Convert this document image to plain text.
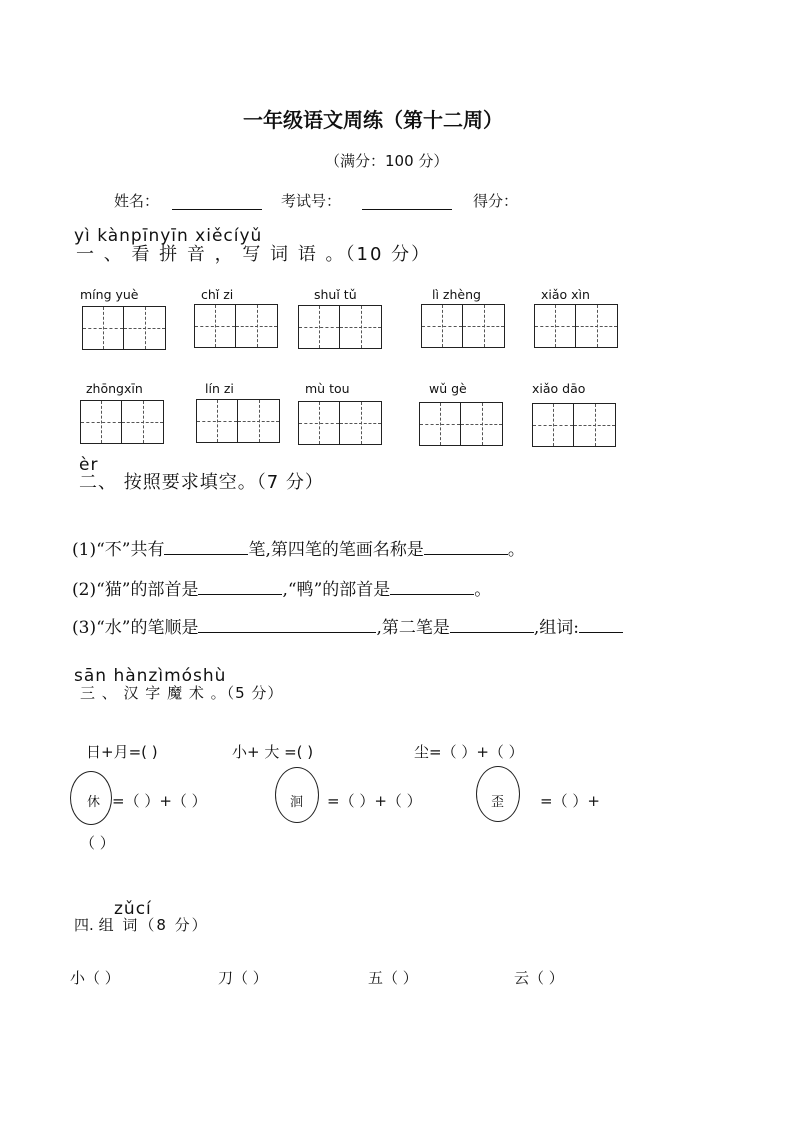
一年级语文周练（第十二周）
（满分：100 分）
姓名：	考试号：	得分：
yì kànpīnyīn xiěcíyǔ
一 、 看 拼 音 ， 写 词 语 。（10 分）
míng yuè	chǐ zi	shuǐ tǔ	lì zhèng	xiǎo xìn
zhōngxīn	lín zi	mù tou	wǔ gè	xiǎo dāo
èr
二、 按照要求填空。（7 分）
(1)“不”共有	笔,第四笔的笔画名称是	。
(2)“猫”的部首是	,“鸭”的部首是	。
(3)“水”的笔顺是	,第二笔是	,组词:
sān hànzìmóshù
三 、 汉 字 魔 术 。（5 分）
日+月=( )	小+ 大 =( )	尘=（ ）+（ ）
休 =（ ）+（ ）	洄 =（ ）+（ ）	歪 =（ ）+
（ ）
zǔcí
四. 组 词（8 分）
小（ ）	刀（ ）	五（ ）	云（ ）
